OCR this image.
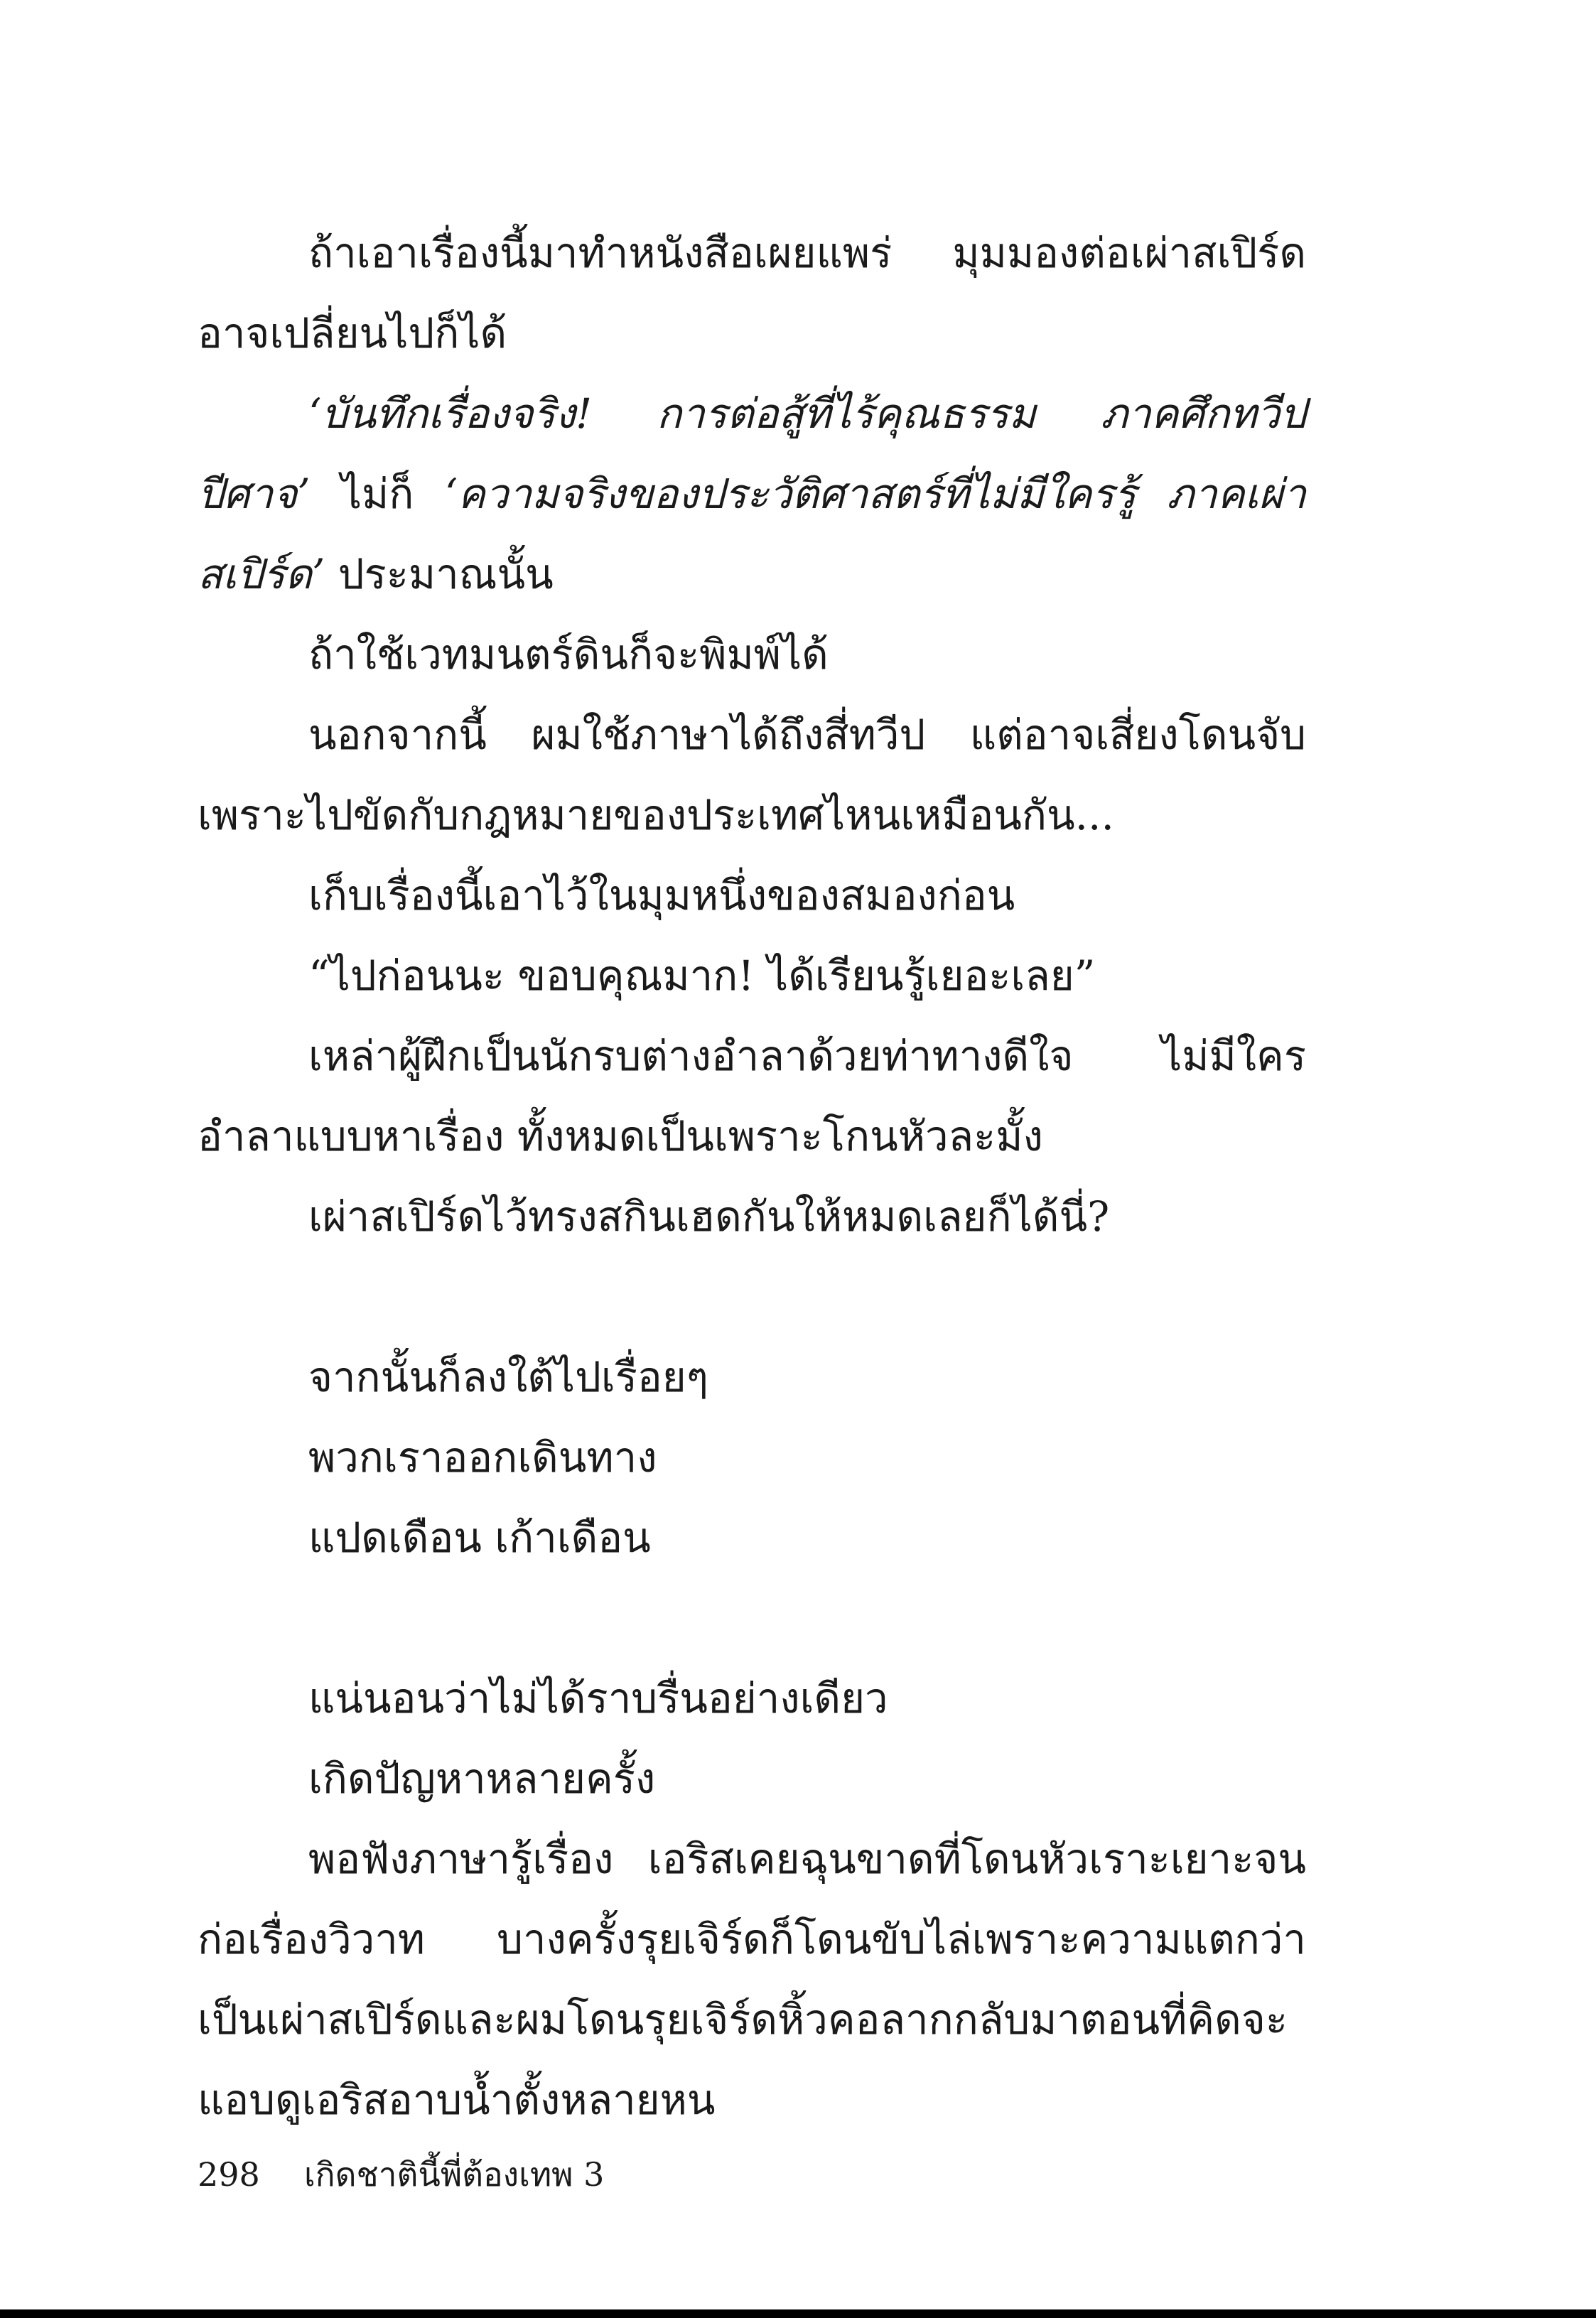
ถ้าเอาเรื่องนี้มาทำหนังสือเผยแพร่ มุมมองต่อเผ่าสเปิร์ดอาจเปลี่ยนไปก็ได้

‘บันทึกเรื่องจริง! การต่อสู้ที่ไร้คุณธรรม ภาคศึกทวีปปีศาจ’ ไม่ก็ ‘ความจริงของประวัติศาสตร์ที่ไม่มีใครรู้ ภาคเผ่าสเปิร์ด’ ประมาณนั้น

ถ้าใช้เวทมนตร์ดินก็จะพิมพ์ได้

นอกจากนี้ ผมใช้ภาษาได้ถึงสี่ทวีป แต่อาจเสี่ยงโดนจับเพราะไปขัดกับกฎหมายของประเทศไหนเหมือนกัน...

เก็บเรื่องนี้เอาไว้ในมุมหนึ่งของสมองก่อน

“ไปก่อนนะ ขอบคุณมาก! ได้เรียนรู้เยอะเลย”

เหล่าผู้ฝึกเป็นนักรบต่างอำลาด้วยท่าทางดีใจ ไม่มีใครอำลาแบบหาเรื่อง ทั้งหมดเป็นเพราะโกนหัวละมั้ง

เผ่าสเปิร์ดไว้ทรงสกินเฮดกันให้หมดเลยก็ได้นี่?

จากนั้นก็ลงใต้ไปเรื่อยๆ

พวกเราออกเดินทาง

แปดเดือน เก้าเดือน

แน่นอนว่าไม่ได้ราบรื่นอย่างเดียว

เกิดปัญหาหลายครั้ง

พอฟังภาษารู้เรื่อง เอริสเคยฉุนขาดที่โดนหัวเราะเยาะจนก่อเรื่องวิวาท บางครั้งรุยเจิร์ดก็โดนขับไล่เพราะความแตกว่าเป็นเผ่าสเปิร์ดและผมโดนรุยเจิร์ดหิ้วคอลากกลับมาตอนที่คิดจะแอบดูเอริสอาบน้ำตั้งหลายหน

298 เกิดชาตินี้พี่ต้องเทพ 3
